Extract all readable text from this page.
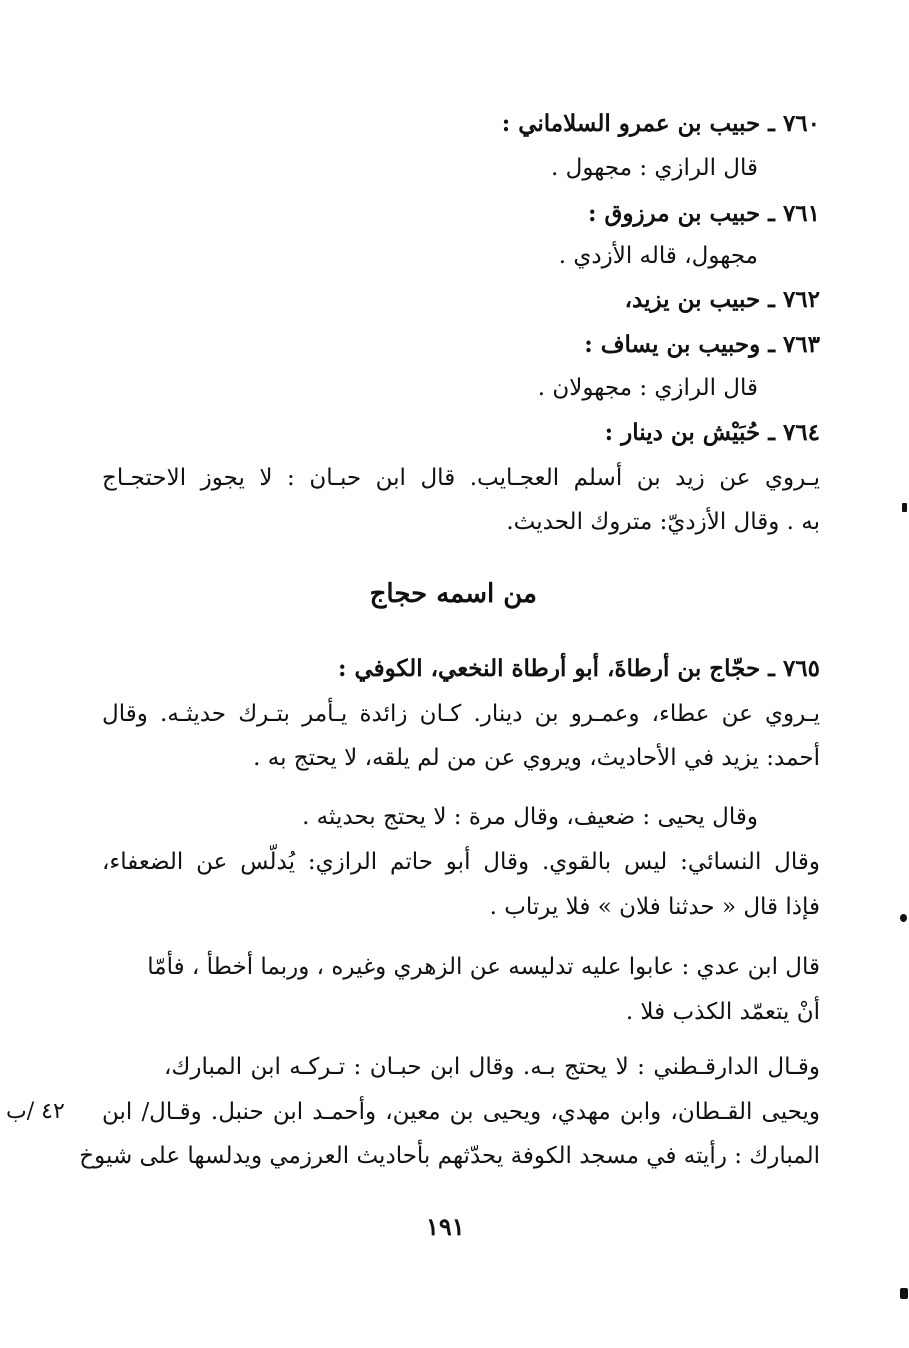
٧٦٠ ـ حبيب بن عمرو السلاماني :
قال الرازي : مجهول .
٧٦١ ـ حبيب بن مرزوق :
مجهول، قاله الأزدي .
٧٦٢ ـ حبيب بن يزيد،
٧٦٣ ـ وحبيب بن يساف :
قال الرازي : مجهولان .
٧٦٤ ـ حُبَيْش بن دينار :
يـروي عن زيد بن أسلم العجـايب. قال ابن حبـان : لا يجوز الاحتجـاج
به . وقال الأزديّ: متروك الحديث.
من اسمه حجاج
٧٦٥ ـ حجّاج بن أرطاةَ، أبو أرطاة النخعي، الكوفي :
يـروي عن عطاء، وعمـرو بن دينار. كـان زائدة يـأمر بتـرك حديثـه. وقال
أحمد: يزيد في الأحاديث، ويروي عن من لم يلقه، لا يحتج به .
وقال يحيى : ضعيف، وقال مرة : لا يحتج بحديثه .
وقال النسائي: ليس بالقوي. وقال أبو حاتم الرازي: يُدلّس عن الضعفاء،
فإذا قال « حدثنا فلان » فلا يرتاب .
قال ابن عدي : عابوا عليه تدليسه عن الزهري وغيره ، وربما أخطأ ، فأمّا
أنْ يتعمّد الكذب فلا .
وقـال الدارقـطني : لا يحتج بـه. وقال ابن حبـان : تـركـه ابن المبارك،
ويحيى القـطان، وابن مهدي، ويحيى بن معين، وأحمـد ابن حنبل. وقـال/ ابن
المبارك : رأيته في مسجد الكوفة يحدّثهم بأحاديث العرزمي ويدلسها على شيوخ
٤٢ /ب
١٩١
